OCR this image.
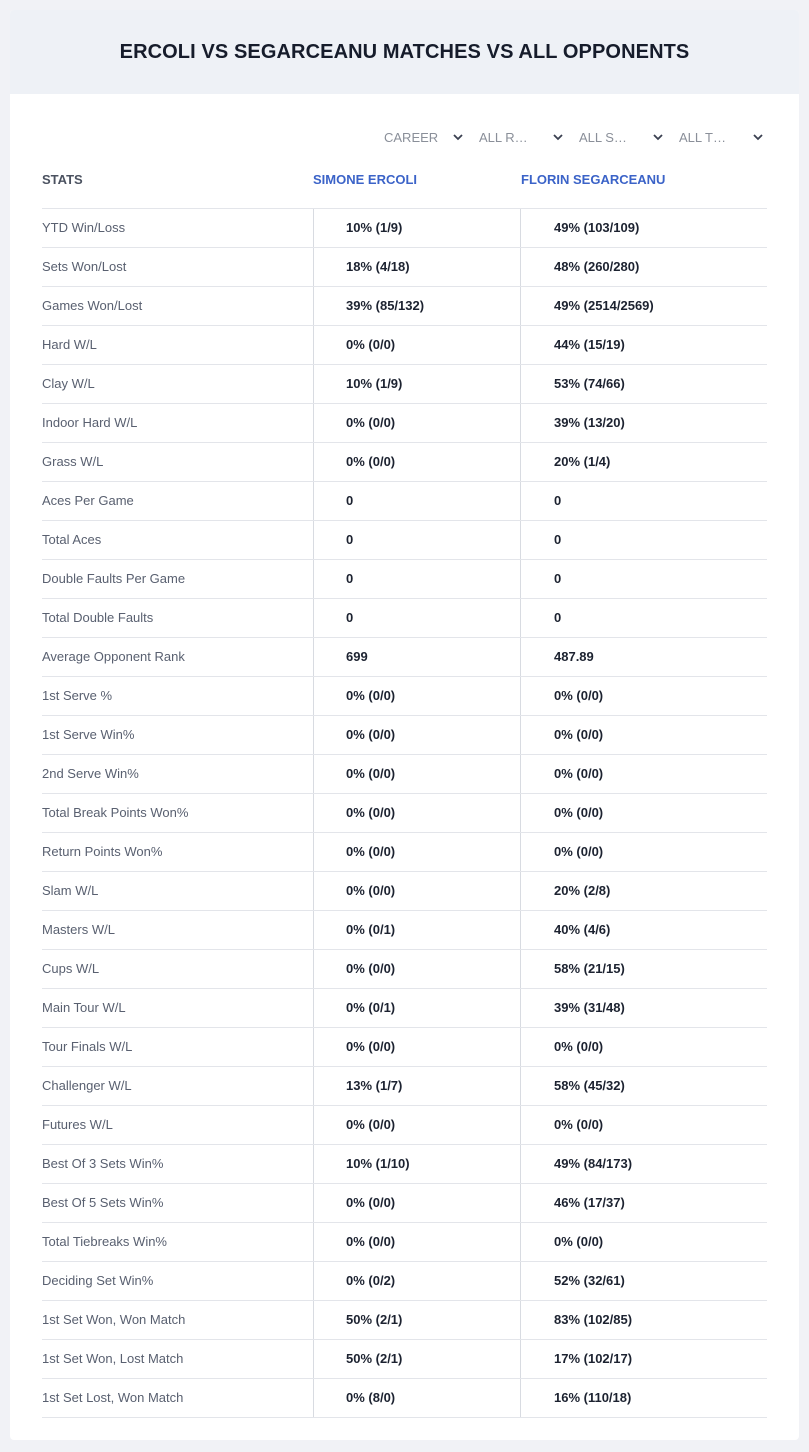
ERCOLI VS SEGARCEANU MATCHES VS ALL OPPONENTS
CAREER	ALL R…	ALL S…	ALL T…
STATS	SIMONE ERCOLI	FLORIN SEGARCEANU
YTD Win/Loss	10% (1/9)	49% (103/109)
Sets Won/Lost	18% (4/18)	48% (260/280)
Games Won/Lost	39% (85/132)	49% (2514/2569)
Hard W/L	0% (0/0)	44% (15/19)
Clay W/L	10% (1/9)	53% (74/66)
Indoor Hard W/L	0% (0/0)	39% (13/20)
Grass W/L	0% (0/0)	20% (1/4)
Aces Per Game	0	0
Total Aces	0	0
Double Faults Per Game	0	0
Total Double Faults	0	0
Average Opponent Rank	699	487.89
1st Serve %	0% (0/0)	0% (0/0)
1st Serve Win%	0% (0/0)	0% (0/0)
2nd Serve Win%	0% (0/0)	0% (0/0)
Total Break Points Won%	0% (0/0)	0% (0/0)
Return Points Won%	0% (0/0)	0% (0/0)
Slam W/L	0% (0/0)	20% (2/8)
Masters W/L	0% (0/1)	40% (4/6)
Cups W/L	0% (0/0)	58% (21/15)
Main Tour W/L	0% (0/1)	39% (31/48)
Tour Finals W/L	0% (0/0)	0% (0/0)
Challenger W/L	13% (1/7)	58% (45/32)
Futures W/L	0% (0/0)	0% (0/0)
Best Of 3 Sets Win%	10% (1/10)	49% (84/173)
Best Of 5 Sets Win%	0% (0/0)	46% (17/37)
Total Tiebreaks Win%	0% (0/0)	0% (0/0)
Deciding Set Win%	0% (0/2)	52% (32/61)
1st Set Won, Won Match	50% (2/1)	83% (102/85)
1st Set Won, Lost Match	50% (2/1)	17% (102/17)
1st Set Lost, Won Match	0% (8/0)	16% (110/18)
